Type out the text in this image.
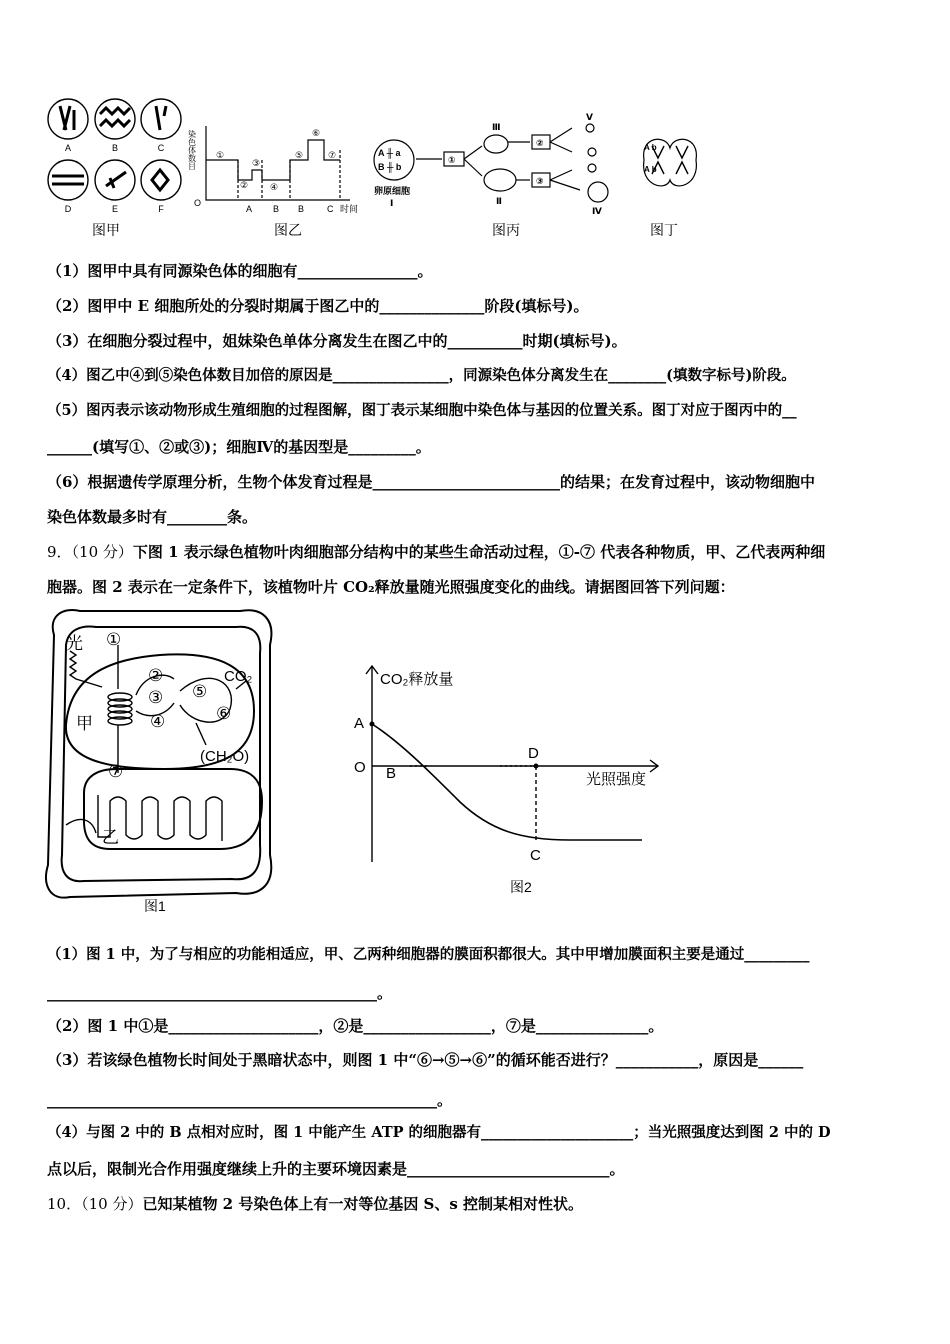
A	B	C
D	E	F
图甲
染色体数目
O
时间
①
②
③
④
⑤
⑥
⑦
A B B	C
图乙
A ╫ a
B ╫ b
①
②
③
卵原细胞
Ⅰ
Ⅲ
Ⅱ
Ⅴ
Ⅳ
图丙
A b
A b
图丁
（1）图甲中具有同源染色体的细胞有________________。
（2）图甲中 E 细胞所处的分裂时期属于图乙中的______________阶段(填标号)。
（3）在细胞分裂过程中，姐妹染色单体分离发生在图乙中的__________时期(填标号)。
（4）图乙中④到⑤染色体数目加倍的原因是________________，同源染色体分离发生在________(填数字标号)阶段。
（5）图丙表示该动物形成生殖细胞的过程图解，图丁表示某细胞中染色体与基因的位置关系。图丁对应于图丙中的__
______(填写①、②或③)；细胞Ⅳ的基因型是_________。
（6）根据遗传学原理分析，生物个体发育过程是_________________________的结果；在发育过程中，该动物细胞中
染色体数最多时有________条。
9．（10 分）下图 1 表示绿色植物叶肉细胞部分结构中的某些生命活动过程，①-⑦ 代表各种物质，甲、乙代表两种细
胞器。图 2 表示在一定条件下，该植物叶片 CO₂释放量随光照强度变化的曲线。请据图回答下列问题：
①
②
③
④
⑤
⑥
⑦
光
甲
乙
CO₂
(CH₂O)
图1
CO₂释放量
光照强度
A
O B
D
C
图2
（1）图 1 中，为了与相应的功能相适应，甲、乙两种细胞器的膜面积都很大。其中甲增加膜面积主要是通过_________
____________________________________________。
（2）图 1 中①是____________________，②是_________________，⑦是_______________。
（3）若该绿色植物长时间处于黑暗状态中，则图 1 中“⑥→⑤→⑥”的循环能否进行？___________，原因是______
____________________________________________________。
（4）与图 2 中的 B 点相对应时，图 1 中能产生 ATP 的细胞器有_____________________；当光照强度达到图 2 中的 D
点以后，限制光合作用强度继续上升的主要环境因素是___________________________。
10．（10 分）已知某植物 2 号染色体上有一对等位基因 S、s 控制某相对性状。
